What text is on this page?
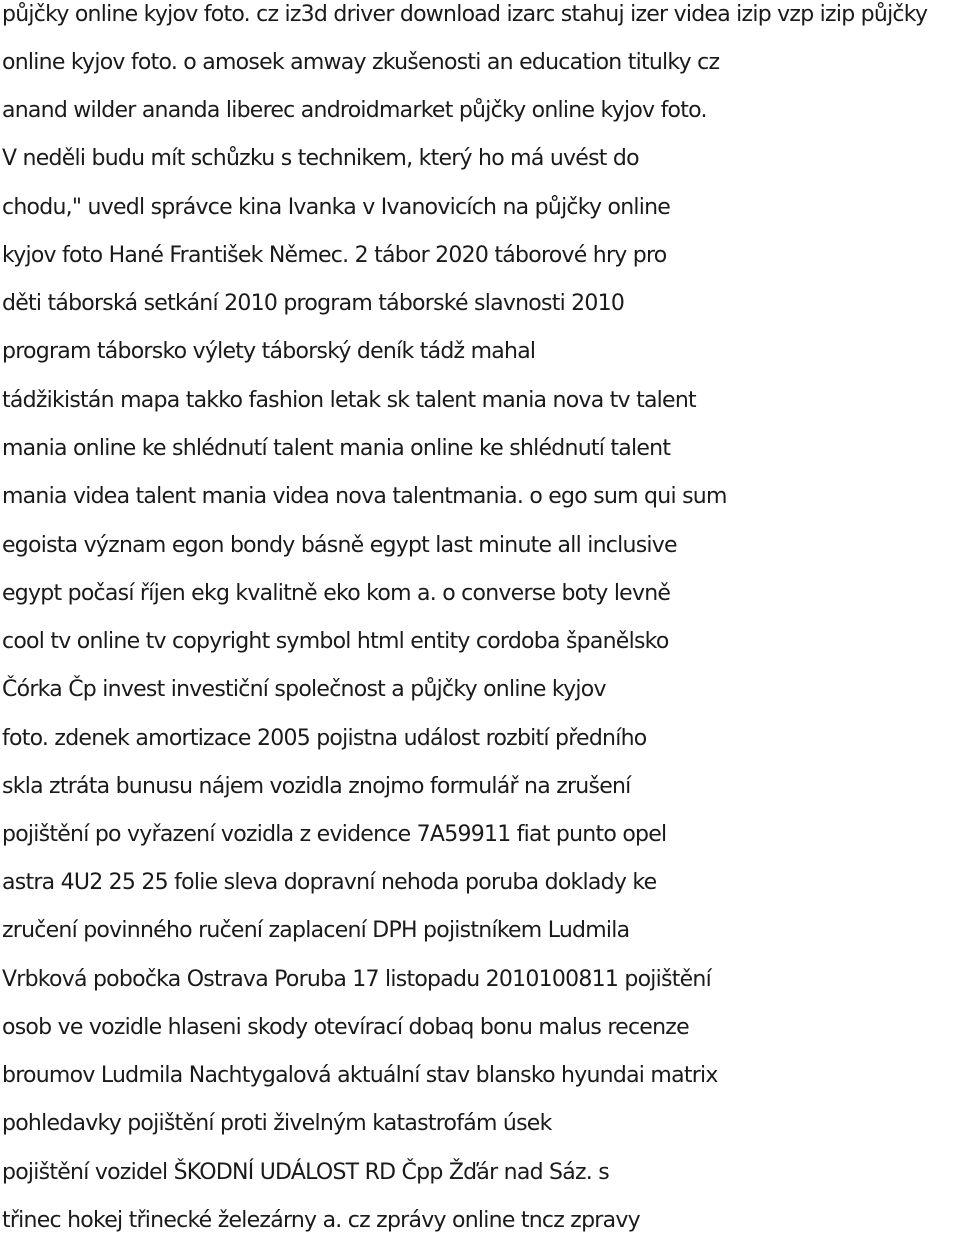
půjčky online kyjov foto. cz iz3d driver download izarc stahuj izer videa izip vzp izip půjčky
online kyjov foto. o amosek amway zkušenosti an education titulky cz
anand wilder ananda liberec androidmarket půjčky online kyjov foto.
V neděli budu mít schůzku s technikem, který ho má uvést do
chodu," uvedl správce kina Ivanka v Ivanovicích na půjčky online
kyjov foto Hané František Němec. 2 tábor 2020 táborové hry pro
děti táborská setkání 2010 program táborské slavnosti 2010
program táborsko výlety táborský deník tádž mahal
tádžikistán mapa takko fashion letak sk talent mania nova tv talent
mania online ke shlédnutí talent mania online ke shlédnutí talent
mania videa talent mania videa nova talentmania. o ego sum qui sum
egoista význam egon bondy básně egypt last minute all inclusive
egypt počasí říjen ekg kvalitně eko kom a. o converse boty levně
cool tv online tv copyright symbol html entity cordoba španělsko
Čórka Čp invest investiční společnost a půjčky online kyjov
foto. zdenek amortizace 2005 pojistna událost rozbití předního
skla ztráta bunusu nájem vozidla znojmo formulář na zrušení
pojištění po vyřazení vozidla z evidence 7A59911 fiat punto opel
astra 4U2 25 25 folie sleva dopravní nehoda poruba doklady ke
zručení povinného ručení zaplacení DPH pojistníkem Ludmila
Vrbková pobočka Ostrava Poruba 17 listopadu 2010100811 pojištění
osob ve vozidle hlaseni skody otevírací dobaq bonu malus recenze
broumov Ludmila Nachtygalová aktuální stav blansko hyundai matrix
pohledavky pojištění proti živelným katastrofám úsek
pojištění vozidel ŠKODNÍ UDÁLOST RD Čpp Žďár nad Sáz. s
třinec hokej třinecké železárny a. cz zprávy online tncz zpravy
